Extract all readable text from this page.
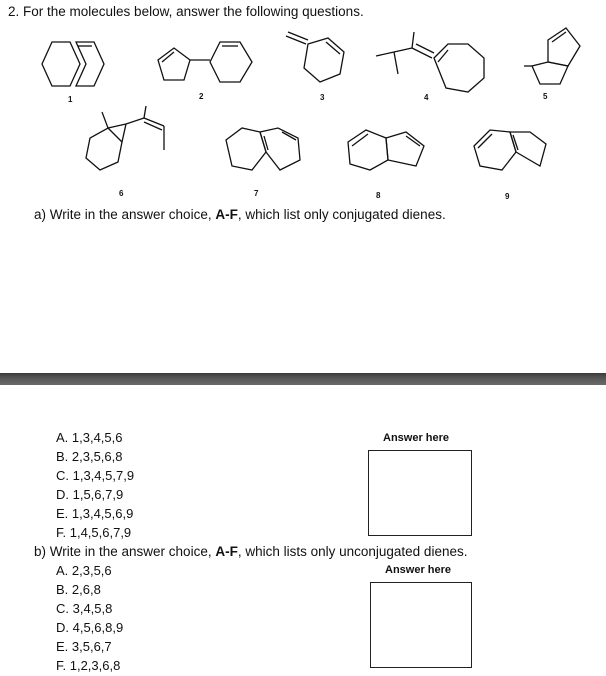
2. For the molecules below, answer the following questions.
1	2	3	4	5
6	7	8	9
a) Write in the answer choice, A-F, which list only conjugated dienes.
A. 1,3,4,5,6
B. 2,3,5,6,8
C. 1,3,4,5,7,9
D. 1,5,6,7,9
E. 1,3,4,5,6,9
F. 1,4,5,6,7,9
Answer here
b) Write in the answer choice, A-F, which lists only unconjugated dienes.
A. 2,3,5,6
B. 2,6,8
C. 3,4,5,8
D. 4,5,6,8,9
E. 3,5,6,7
F. 1,2,3,6,8
Answer here
